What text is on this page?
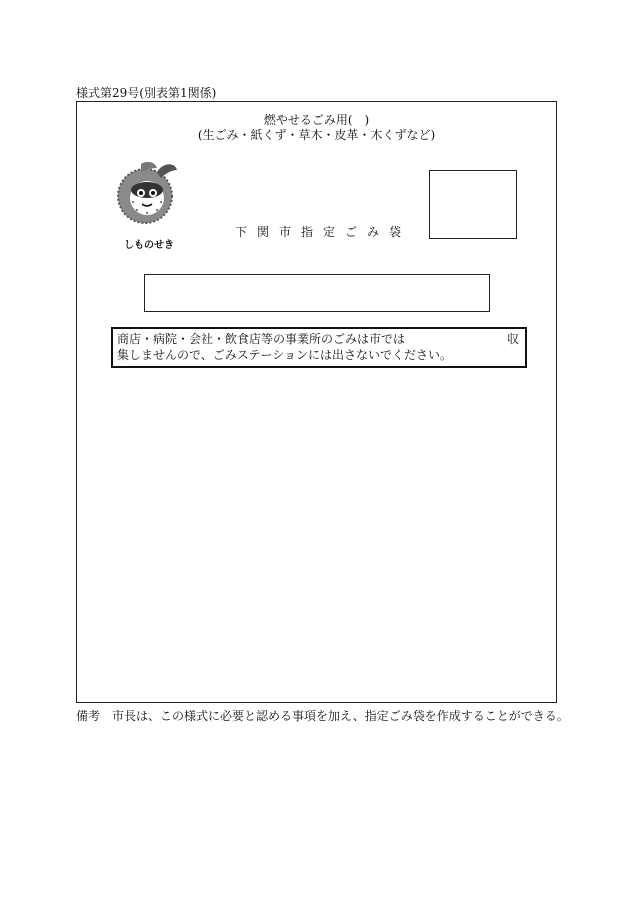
様式第29号(別表第1関係)
燃やせるごみ用(　)
(生ごみ・紙くず・草木・皮革・木くずなど)
しものせき
下関市指定ごみ袋
商店・病院・会社・飲食店等の事業所のごみは市では	収
集しませんので、ごみステーションには出さないでください。
備考　市長は、この様式に必要と認める事項を加え、指定ごみ袋を作成することができる。
